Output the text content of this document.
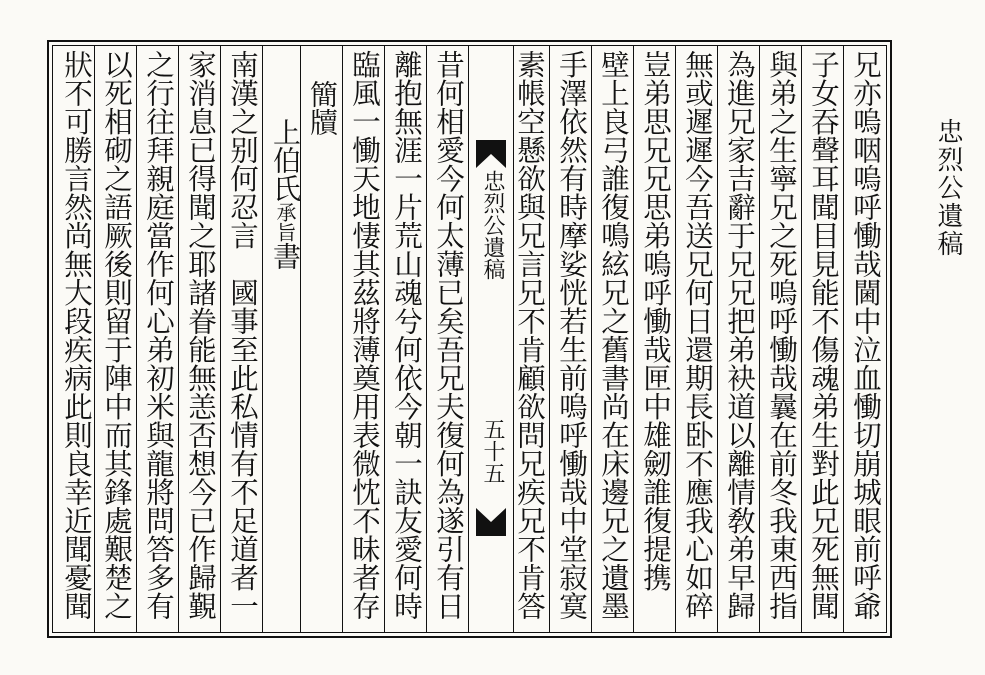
兄亦嗚咽嗚呼慟哉閫中泣血慟切崩城眼前呼爺
子女吞聲耳聞目見能不傷魂弟生對此兄死無聞
與弟之生寧兄之死嗚呼慟哉曩在前冬我東西指
為進兄家吉辭于兄兄把弟袂道以離情敎弟早歸
無或遲遲今吾送兄何日還期長卧不應我心如碎
豈弟思兄兄思弟嗚呼慟哉匣中雄劒誰復提携
壁上良弓誰復鳴絃兄之舊書尚在床邊兄之遺墨
手澤依然有時摩娑恍若生前嗚呼慟哉中堂寂寞
素帳空懸欲與兄言兄不肯顧欲問兄疾兄不肯答
忠烈公遺稿
五十五
昔何相愛今何太薄已矣吾兄夫復何為遂引有日
離抱無涯一片荒山魂兮何依今朝一訣友愛何時
臨風一慟天地悽其茲將薄奠用表微忱不昧者存
簡牘
上伯氏承旨書
南漢之别何忍言　國事至此私情有不足道者一
家消息已得聞之耶諸眷能無恙否想今已作歸覲
之行往拜親庭當作何心弟初米與龍將問答多有
以死相砌之語厥後則留于陣中而其鋒處艱楚之
狀不可勝言然尚無大段疾病此則良幸近聞憂聞	忠烈公遺稿
